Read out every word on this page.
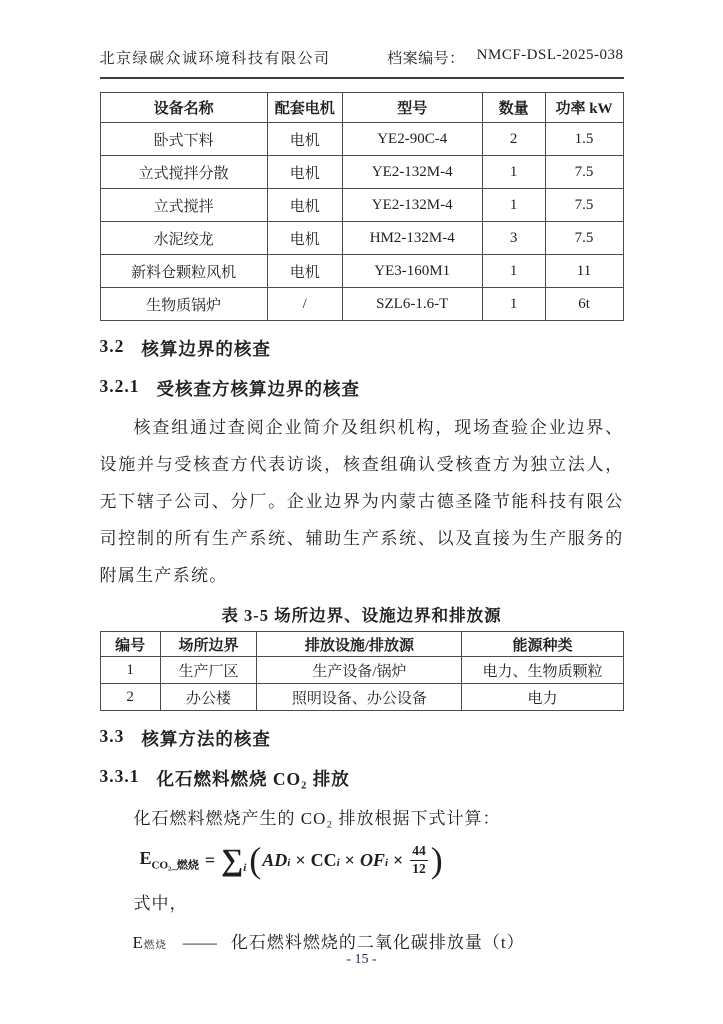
北京绿碳众诚环境科技有限公司	档案编号： NMCF-DSL-2025-038
设备名称	配套电机	型号	数量	功率 kW
卧式下料	电机	YE2-90C-4	2	1.5
立式搅拌分散	电机	YE2-132M-4	1	7.5
立式搅拌	电机	YE2-132M-4	1	7.5
水泥绞龙	电机	HM2-132M-4	3	7.5
新料仓颗粒风机	电机	YE3-160M1	1	11
生物质锅炉	/	SZL6-1.6-T	1	6t
3.2 核算边界的核查
3.2.1 受核查方核算边界的核查

核查组通过查阅企业简介及组织机构，现场查验企业边界、设施并与受核查方代表访谈，核查组确认受核查方为独立法人，无下辖子公司、分厂。企业边界为内蒙古德圣隆节能科技有限公司控制的所有生产系统、辅助生产系统、以及直接为生产服务的附属生产系统。

表 3-5 场所边界、设施边界和排放源
编号	场所边界	排放设施/排放源	能源种类
1	生产厂区	生产设备/锅炉	电力、生物质颗粒
2	办公楼	照明设备、办公设备	电力
3.3 核算方法的核查
3.3.1 化石燃料燃烧 CO₂ 排放

化石燃料燃烧产生的 CO₂ 排放根据下式计算：

$E_{CO_2\_燃烧}$ = ∑ i ( AD i × CC i × OF $i \times \frac{44}{12}$ )

式中，

E 燃烧 —— 化石燃料燃烧的二氧化碳排放量（t）
- 15 -
